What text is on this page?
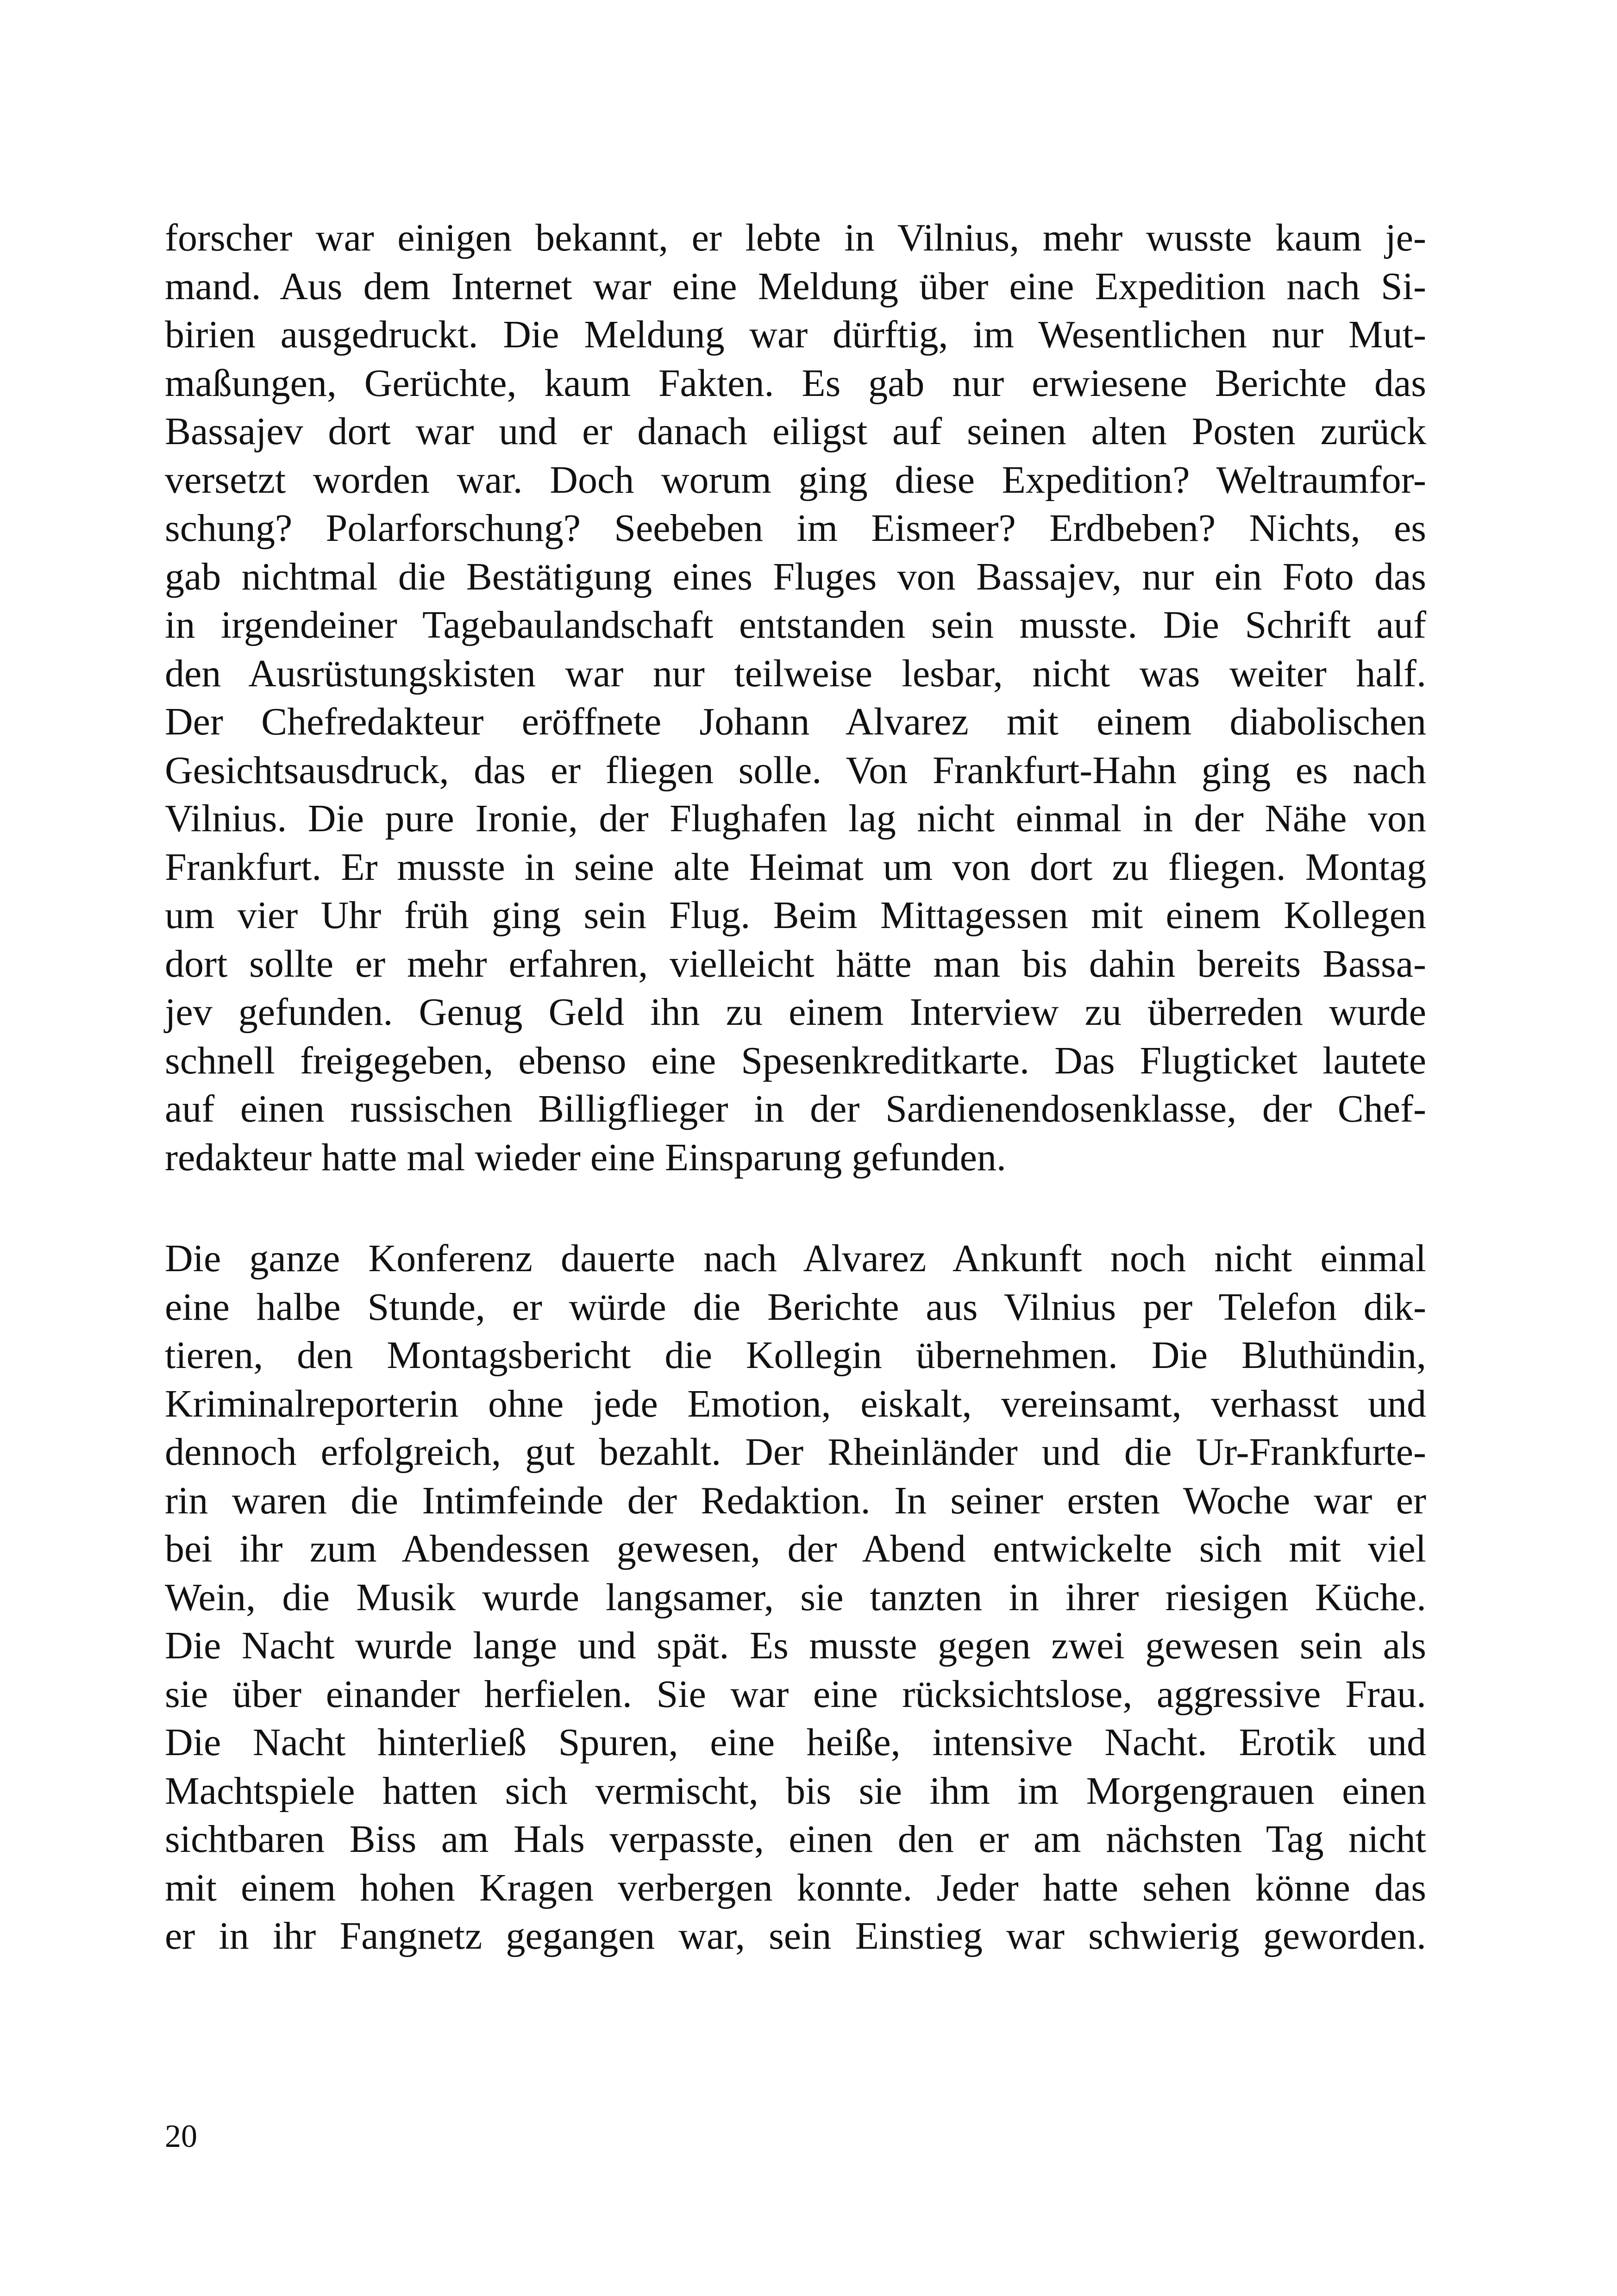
forscher war einigen bekannt, er lebte in Vilnius, mehr wusste kaum je-
mand. Aus dem Internet war eine Meldung über eine Expedition nach Si-
birien ausgedruckt. Die Meldung war dürftig, im Wesentlichen nur Mut-
maßungen, Gerüchte, kaum Fakten. Es gab nur erwiesene Berichte das
Bassajev dort war und er danach eiligst auf seinen alten Posten zurück
versetzt worden war. Doch worum ging diese Expedition? Weltraumfor-
schung? Polarforschung? Seebeben im Eismeer? Erdbeben? Nichts, es
gab nichtmal die Bestätigung eines Fluges von Bassajev, nur ein Foto das
in irgendeiner Tagebaulandschaft entstanden sein musste. Die Schrift auf
den Ausrüstungskisten war nur teilweise lesbar, nicht was weiter half.
Der Chefredakteur eröffnete Johann Alvarez mit einem diabolischen
Gesichtsausdruck, das er fliegen solle. Von Frankfurt-Hahn ging es nach
Vilnius. Die pure Ironie, der Flughafen lag nicht einmal in der Nähe von
Frankfurt. Er musste in seine alte Heimat um von dort zu fliegen. Montag
um vier Uhr früh ging sein Flug. Beim Mittagessen mit einem Kollegen
dort sollte er mehr erfahren, vielleicht hätte man bis dahin bereits Bassa-
jev gefunden. Genug Geld ihn zu einem Interview zu überreden wurde
schnell freigegeben, ebenso eine Spesenkreditkarte. Das Flugticket lautete
auf einen russischen Billigflieger in der Sardienendosenklasse, der Chef-
redakteur hatte mal wieder eine Einsparung gefunden.
Die ganze Konferenz dauerte nach Alvarez Ankunft noch nicht einmal
eine halbe Stunde, er würde die Berichte aus Vilnius per Telefon dik-
tieren, den Montagsbericht die Kollegin übernehmen. Die Bluthündin,
Kriminalreporterin ohne jede Emotion, eiskalt, vereinsamt, verhasst und
dennoch erfolgreich, gut bezahlt. Der Rheinländer und die Ur-Frankfurte-
rin waren die Intimfeinde der Redaktion. In seiner ersten Woche war er
bei ihr zum Abendessen gewesen, der Abend entwickelte sich mit viel
Wein, die Musik wurde langsamer, sie tanzten in ihrer riesigen Küche.
Die Nacht wurde lange und spät. Es musste gegen zwei gewesen sein als
sie über einander herfielen. Sie war eine rücksichtslose, aggressive Frau.
Die Nacht hinterließ Spuren, eine heiße, intensive Nacht. Erotik und
Machtspiele hatten sich vermischt, bis sie ihm im Morgengrauen einen
sichtbaren Biss am Hals verpasste, einen den er am nächsten Tag nicht
mit einem hohen Kragen verbergen konnte. Jeder hatte sehen könne das
er in ihr Fangnetz gegangen war, sein Einstieg war schwierig geworden.
20
